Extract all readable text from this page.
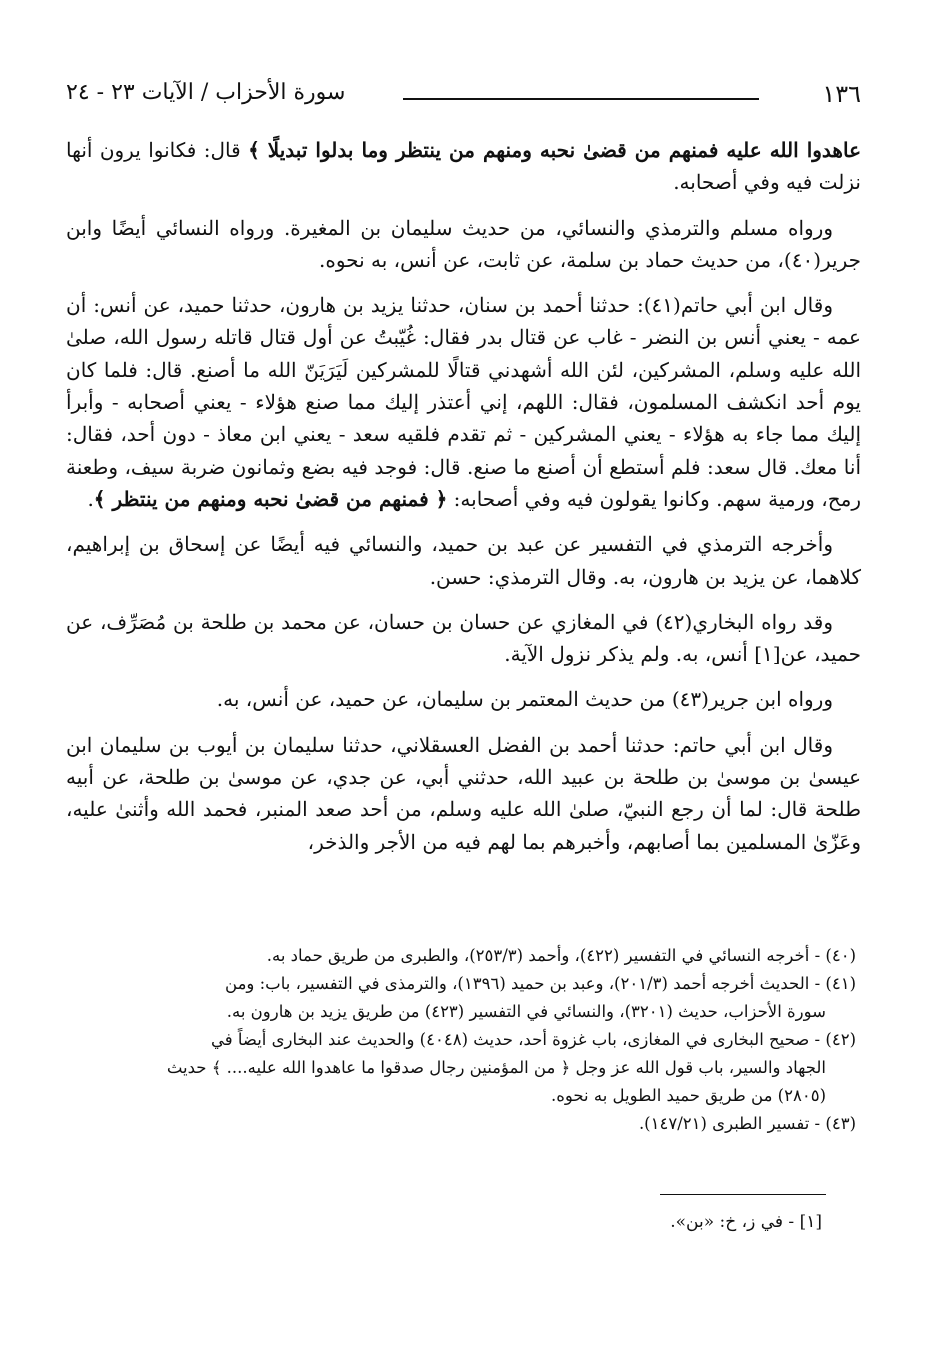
١٣٦
سورة الأحزاب / الآيات ٢٣ - ٢٤

عاهدوا الله عليه فمنهم من قضىٰ نحبه ومنهم من ينتظر وما بدلوا تبديلًا ﴾ قال: فكانوا يرون أنها نزلت فيه وفي أصحابه.

ورواه مسلم والترمذي والنسائي، من حديث سليمان بن المغيرة. ورواه النسائي أيضًا وابن جرير(٤٠)، من حديث حماد بن سلمة، عن ثابت، عن أنس، به نحوه.

وقال ابن أبي حاتم(٤١): حدثنا أحمد بن سنان، حدثنا يزيد بن هارون، حدثنا حميد، عن أنس: أن عمه - يعني أنس بن النضر - غاب عن قتال بدر فقال: غُيّبتُ عن أول قتال قاتله رسول الله، صلىٰ الله عليه وسلم، المشركين، لئن الله أشهدني قتالًا للمشركين لَيَرَيَنّ الله ما أصنع. قال: فلما كان يوم أحد انكشف المسلمون، فقال: اللهم، إني أعتذر إليك مما صنع هؤلاء - يعني أصحابه - وأبرأ إليك مما جاء به هؤلاء - يعني المشركين - ثم تقدم فلقيه سعد - يعني ابن معاذ - دون أحد، فقال: أنا معك. قال سعد: فلم أستطع أن أصنع ما صنع. قال: فوجد فيه بضع وثمانون ضربة سيف، وطعنة رمح، ورمية سهم. وكانوا يقولون فيه وفي أصحابه: ﴿ فمنهم من قضىٰ نحبه ومنهم من ينتظر ﴾.

وأخرجه الترمذي في التفسير عن عبد بن حميد، والنسائي فيه أيضًا عن إسحاق بن إبراهيم، كلاهما، عن يزيد بن هارون، به. وقال الترمذي: حسن.

وقد رواه البخاري(٤٢) في المغازي عن حسان بن حسان، عن محمد بن طلحة بن مُصَرِّف، عن حميد، عن[١] أنس، به. ولم يذكر نزول الآية.

ورواه ابن جرير(٤٣) من حديث المعتمر بن سليمان، عن حميد، عن أنس، به.

وقال ابن أبي حاتم: حدثنا أحمد بن الفضل العسقلاني، حدثنا سليمان بن أيوب بن سليمان ابن عيسىٰ بن موسىٰ بن طلحة بن عبيد الله، حدثني أبي، عن جدي، عن موسىٰ بن طلحة، عن أبيه طلحة قال: لما أن رجع النبيّ، صلىٰ الله عليه وسلم، من أحد صعد المنبر، فحمد الله وأثنىٰ عليه، وعَزّىٰ المسلمين بما أصابهم، وأخبرهم بما لهم فيه من الأجر والذخر،

(٤٠) - أخرجه النسائي في التفسير (٤٢٢)، وأحمد (٢٥٣/٣)، والطبرى من طريق حماد به.
(٤١) - الحديث أخرجه أحمد (٢٠١/٣)، وعبد بن حميد (١٣٩٦)، والترمذى في التفسير، باب: ومن
سورة الأحزاب، حديث (٣٢٠١)، والنسائي في التفسير (٤٢٣) من طريق يزيد بن هارون به.
(٤٢) - صحيح البخارى في المغازى، باب غزوة أحد، حديث (٤٠٤٨) والحديث عند البخارى أيضاً في
الجهاد والسير، باب قول الله عز وجل ﴿ من المؤمنين رجال صدقوا ما عاهدوا الله عليه.... ﴾ حديث
(٢٨٠٥) من طريق حميد الطويل به نحوه.
(٤٣) - تفسير الطبرى (١٤٧/٢١).
[١] - في ز، خ: «بن».
